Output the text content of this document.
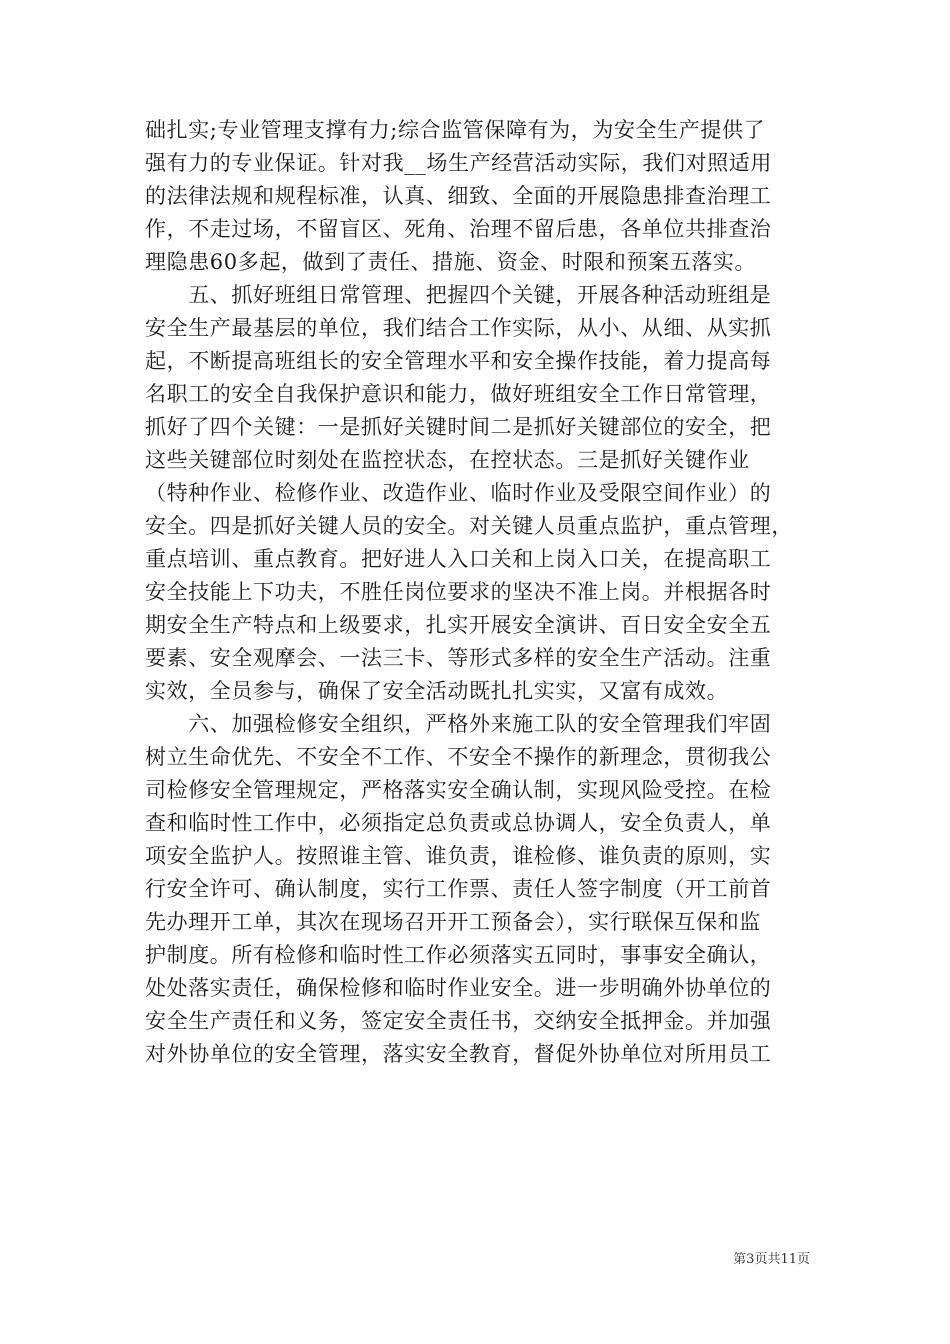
础扎实;专业管理支撑有力;综合监管保障有为，为安全生产提供了

强有力的专业保证。针对我__场生产经营活动实际，我们对照适用

的法律法规和规程标准，认真、细致、全面的开展隐患排查治理工

作，不走过场，不留盲区、死角、治理不留后患，各单位共排查治

理隐患60多起，做到了责任、措施、资金、时限和预案五落实。

　　五、抓好班组日常管理、把握四个关键，开展各种活动班组是

安全生产最基层的单位，我们结合工作实际，从小、从细、从实抓

起，不断提高班组长的安全管理水平和安全操作技能，着力提高每

名职工的安全自我保护意识和能力，做好班组安全工作日常管理，

抓好了四个关键：一是抓好关键时间二是抓好关键部位的安全，把

这些关键部位时刻处在监控状态，在控状态。三是抓好关键作业

（特种作业、检修作业、改造作业、临时作业及受限空间作业）的

安全。四是抓好关键人员的安全。对关键人员重点监护，重点管理，

重点培训、重点教育。把好进人入口关和上岗入口关，在提高职工

安全技能上下功夫，不胜任岗位要求的坚决不准上岗。并根据各时

期安全生产特点和上级要求，扎实开展安全演讲、百日安全安全五

要素、安全观摩会、一法三卡、等形式多样的安全生产活动。注重

实效，全员参与，确保了安全活动既扎扎实实，又富有成效。

　　六、加强检修安全组织，严格外来施工队的安全管理我们牢固

树立生命优先、不安全不工作、不安全不操作的新理念，贯彻我公

司检修安全管理规定，严格落实安全确认制，实现风险受控。在检

查和临时性工作中，必须指定总负责或总协调人，安全负责人，单

项安全监护人。按照谁主管、谁负责，谁检修、谁负责的原则，实

行安全许可、确认制度，实行工作票、责任人签字制度（开工前首

先办理开工单，其次在现场召开开工预备会），实行联保互保和监

护制度。所有检修和临时性工作必须落实五同时，事事安全确认，

处处落实责任，确保检修和临时作业安全。进一步明确外协单位的

安全生产责任和义务，签定安全责任书，交纳安全抵押金。并加强

对外协单位的安全管理，落实安全教育，督促外协单位对所用员工

第3页共11页
